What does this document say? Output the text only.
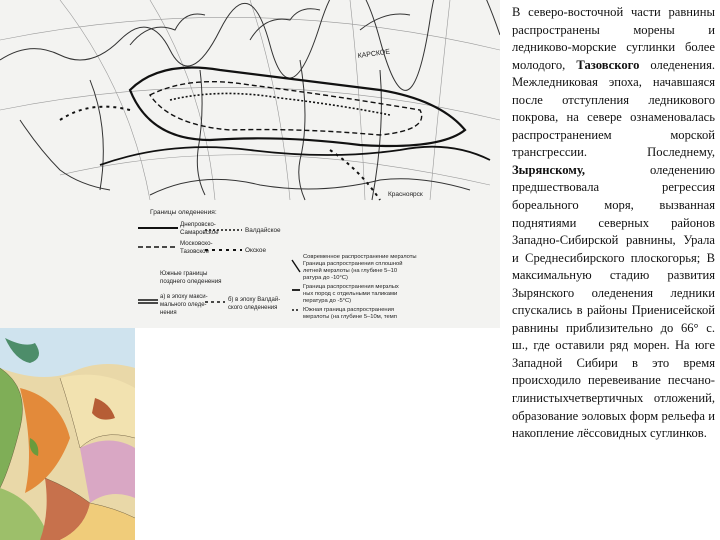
КАРСКОЕ
Красноярск
Границы оледенения:
Днепровско-
Самаровское
Московско-
Тазовское
Валдайское
Окское
Южные границы
позднего оледенения
а) в эпоху макси-
мального оледе-
нения
б) в эпоху Валдай-
ского оледенения
Современное распространение мерзлоты
Граница распространения сплошной
летней мерзлоты (на глубине 5–10
ратура до -10°С)
Граница распространения мерзлых
ных пород с отдельными таликами
пература до -5°С)
Южная граница распространения
мерзлоты (на глубине 5–10м, темп
В северо-восточной части равнины распространены морены и ледниково-морские суглинки более молодого, Тазовского оледенения. Межледниковая эпоха, начавшаяся после отступления ледникового покрова, на севере ознаменовалась распространением морской трансгрессии. Последнему, Зырянскому, оледенению предшествовала регрессия бореального моря, вызванная поднятиями северных районов Западно-Сибирской равнины, Урала и Среднесибирского плоскогорья; В максимальную стадию развития Зырянского оледенения ледники спускались в районы Приенисейской равнины приблизительно до 66° с. ш., где оставили ряд морен. На юге Западной Сибири в это время происходило перевеивание песчано-глинистыхчетвертичных отложений, образование эоловых форм рельефа и накопление лёссовидных суглинков.
